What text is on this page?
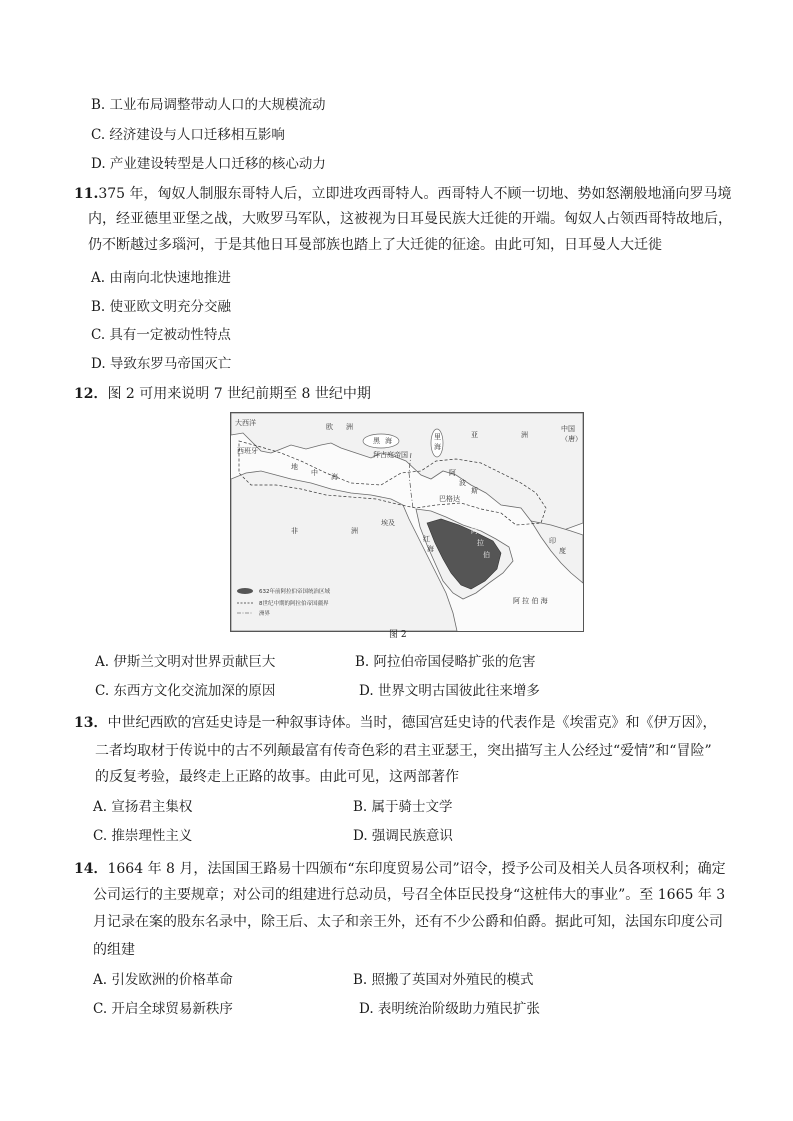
B. 工业布局调整带动人口的大规模流动
C. 经济建设与人口迁移相互影响
D. 产业建设转型是人口迁移的核心动力
11.375 年，匈奴人制服东哥特人后，立即进攻西哥特人。西哥特人不顾一切地、势如怒潮般地涌向罗马境
内，经亚德里亚堡之战，大败罗马军队，这被视为日耳曼民族大迁徙的开端。匈奴人占领西哥特故地后，
仍不断越过多瑙河，于是其他日耳曼部族也踏上了大迁徙的征途。由此可知，日耳曼人大迁徙
A. 由南向北快速地推进
B. 使亚欧文明充分交融
C. 具有一定被动性特点
D. 导致东罗马帝国灭亡
12．图 2 可用来说明 7 世纪前期至 8 世纪中期
大西洋	欧 洲
亚	洲
中国
（唐）
西班牙
地
中 海
拜占庭帝国
黑 海	里
海
波
斯
巴格达
阿
印
度
非	洲
埃及
红
海
阿
拉
伯
阿 拉 伯 海
632年前阿拉伯帝国统治区域
8世纪中期的阿拉伯帝国疆界
洲界
图 2
A. 伊斯兰文明对世界贡献巨大	B. 阿拉伯帝国侵略扩张的危害
C. 东西方文化交流加深的原因	D. 世界文明古国彼此往来增多
13．中世纪西欧的宫廷史诗是一种叙事诗体。当时，德国宫廷史诗的代表作是《埃雷克》和《伊万因》，
二者均取材于传说中的古不列颠最富有传奇色彩的君主亚瑟王，突出描写主人公经过“爱情”和“冒险”
的反复考验，最终走上正路的故事。由此可见，这两部著作
A. 宣扬君主集权	B. 属于骑士文学
C. 推崇理性主义	D. 强调民族意识
14．1664 年 8 月，法国国王路易十四颁布“东印度贸易公司”诏令，授予公司及相关人员各项权利；确定
公司运行的主要规章；对公司的组建进行总动员，号召全体臣民投身“这桩伟大的事业”。至 1665 年 3
月记录在案的股东名录中，除王后、太子和亲王外，还有不少公爵和伯爵。据此可知，法国东印度公司
的组建
A. 引发欧洲的价格革命	B. 照搬了英国对外殖民的模式
C. 开启全球贸易新秩序	D. 表明统治阶级助力殖民扩张
